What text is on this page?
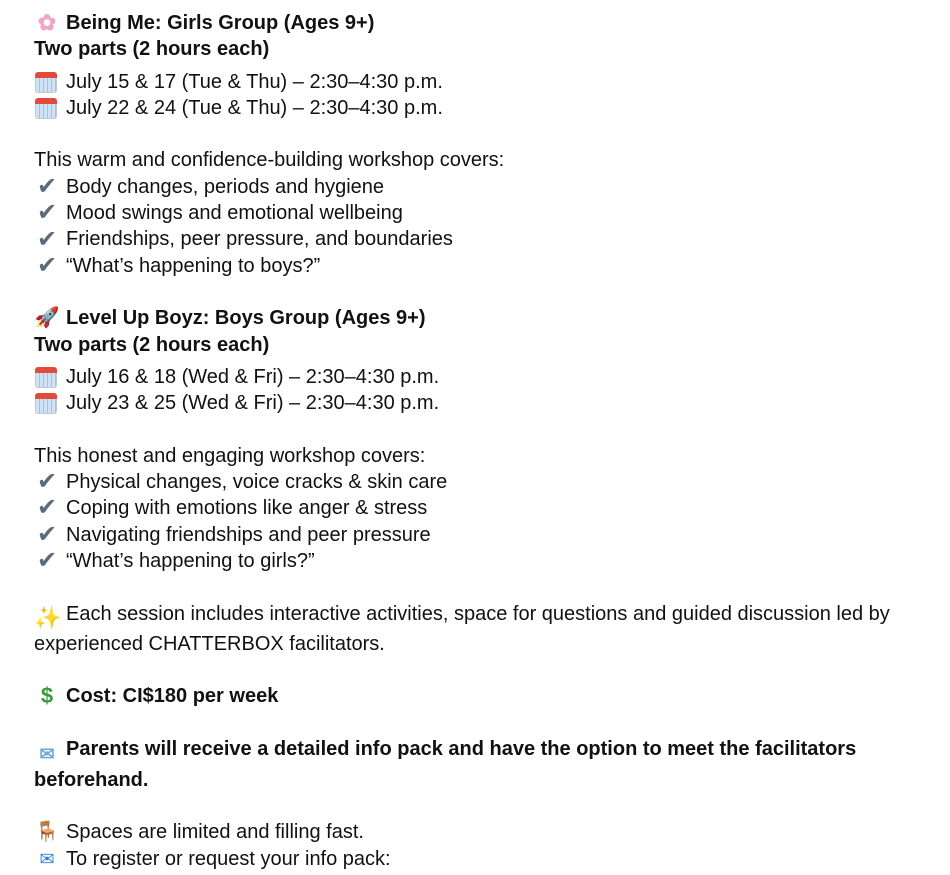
✿ Being Me: Girls Group (Ages 9+)
Two parts (2 hours each)
July 15 & 17 (Tue & Thu) – 2:30–4:30 p.m.
July 22 & 24 (Tue & Thu) – 2:30–4:30 p.m.
This warm and confidence-building workshop covers:
✔ Body changes, periods and hygiene
✔ Mood swings and emotional wellbeing
✔ Friendships, peer pressure, and boundaries
✔ “What’s happening to boys?”
🚀 Level Up Boyz: Boys Group (Ages 9+)
Two parts (2 hours each)
July 16 & 18 (Wed & Fri) – 2:30–4:30 p.m.
July 23 & 25 (Wed & Fri) – 2:30–4:30 p.m.
This honest and engaging workshop covers:
✔ Physical changes, voice cracks & skin care
✔ Coping with emotions like anger & stress
✔ Navigating friendships and peer pressure
✔ “What’s happening to girls?”
✨ Each session includes interactive activities, space for questions and guided discussion led by experienced CHATTERBOX facilitators.
$ Cost: CI$180 per week
✉ Parents will receive a detailed info pack and have the option to meet the facilitators beforehand.
🪑 Spaces are limited and filling fast.
✉ To register or request your info pack:
